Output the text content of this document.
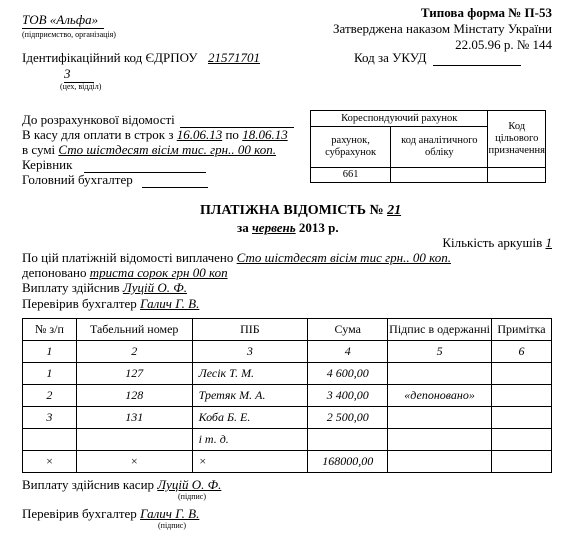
ТОВ «Альфа»
(підприємство, організація)
Типова форма № П-53
Затверджена наказом Мінстату України
22.05.96 р. № 144
Ідентифікаційний код ЄДРПОУ 21571701	Код за УКУД
3
(цех, відділ)
До розрахункової відомості
В касу для оплати в строк з 16.06.13 по 18.06.13
в сумі Сто шістдесят вісім тис. грн.. 00 коп.
Керівник
Головний бухгалтер
Кореспондуючий рахунок		Код цільового призначення
рахунок, субрахунок	код аналітичного обліку	
661		
ПЛАТІЖНА ВІДОМІСТЬ № 21
за червень 2013 р.
Кількість аркушів 1
По цій платіжній відомості виплачено Сто шістдесят вісім тис грн.. 00 коп.
депоновано триста сорок грн 00 коп
Виплату здійснив Луцій О. Ф.
Перевірив бухгалтер Галич Г. В.
№ з/п	Табельний номер	ПІБ	Сума	Підпис в одержанні	Примітка
1	2	3	4	5	6
1	127	Лесік Т. М.	4 600,00		
2	128	Третяк М. А.	3 400,00	«депоновано»	
3	131	Коба Б. Е.	2 500,00		
		і т. д.			
×	×	×	168000,00		
Виплату здійснив касир Луцій О. Ф.
(підпис)
Перевірив бухгалтер Галич Г. В.
(підпис)
